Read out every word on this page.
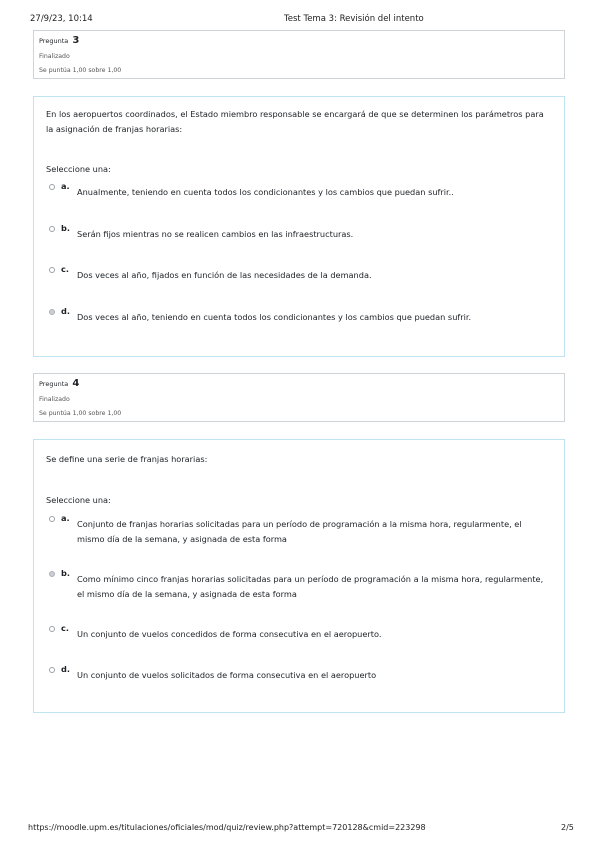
27/9/23, 10:14	Test Tema 3: Revisión del intento
Pregunta 3
Finalizado
Se puntúa 1,00 sobre 1,00
En los aeropuertos coordinados, el Estado miembro responsable se encargará de que se determinen los parámetros para la asignación de franjas horarias:
Seleccione una:
a.
Anualmente, teniendo en cuenta todos los condicionantes y los cambios que puedan sufrir..
b.
Serán fijos mientras no se realicen cambios en las infraestructuras.
c.
Dos veces al año, fijados en función de las necesidades de la demanda.
d.
Dos veces al año, teniendo en cuenta todos los condicionantes y los cambios que puedan sufrir.
Pregunta 4
Finalizado
Se puntúa 1,00 sobre 1,00
Se define una serie de franjas horarias:
Seleccione una:
a.
Conjunto de franjas horarias solicitadas para un período de programación a la misma hora, regularmente, el mismo día de la semana, y asignada de esta forma
b.
Como mínimo cinco franjas horarias solicitadas para un período de programación a la misma hora, regularmente, el mismo día de la semana, y asignada de esta forma
c.
Un conjunto de vuelos concedidos de forma consecutiva en el aeropuerto.
d.
Un conjunto de vuelos solicitados de forma consecutiva en el aeropuerto
https://moodle.upm.es/titulaciones/oficiales/mod/quiz/review.php?attempt=720128&cmid=223298	2/5
